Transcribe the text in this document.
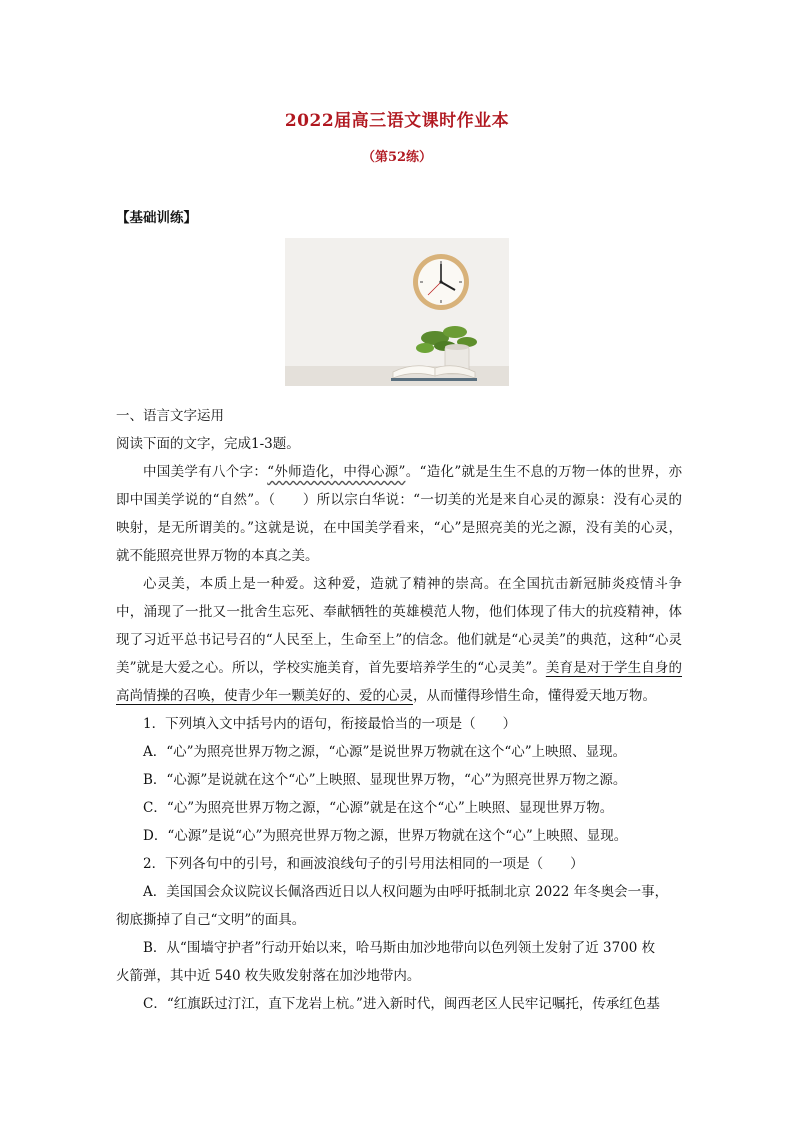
2022届高三语文课时作业本
（第52练）
【基础训练】

一、语言文字运用

阅读下面的文字，完成1-3题。

中国美学有八个字：“外师造化，中得心源”。“造化”就是生生不息的万物一体的世界，亦即中国美学说的“自然”。（　　）所以宗白华说：“一切美的光是来自心灵的源泉：没有心灵的映射，是无所谓美的。”这就是说，在中国美学看来，“心”是照亮美的光之源，没有美的心灵，就不能照亮世界万物的本真之美。

心灵美，本质上是一种爱。这种爱，造就了精神的崇高。在全国抗击新冠肺炎疫情斗争中，涌现了一批又一批舍生忘死、奉献牺牲的英雄模范人物，他们体现了伟大的抗疫精神，体现了习近平总书记号召的“人民至上，生命至上”的信念。他们就是“心灵美”的典范，这种“心灵美”就是大爱之心。所以，学校实施美育，首先要培养学生的“心灵美”。美育是对于学生自身的高尚情操的召唤，使青少年一颗美好的、爱的心灵，从而懂得珍惜生命，懂得爱天地万物。

1．下列填入文中括号内的语句，衔接最恰当的一项是（　　）

A．“心”为照亮世界万物之源，“心源”是说世界万物就在这个“心”上映照、显现。

B．“心源”是说就在这个“心”上映照、显现世界万物，“心”为照亮世界万物之源。

C．“心”为照亮世界万物之源，“心源”就是在这个“心”上映照、显现世界万物。

D．“心源”是说“心”为照亮世界万物之源，世界万物就在这个“心”上映照、显现。

2．下列各句中的引号，和画波浪线句子的引号用法相同的一项是（　　）

A．美国国会众议院议长佩洛西近日以人权问题为由呼吁抵制北京 2022 年冬奥会一事，

彻底撕掉了自己“文明”的面具。

B．从“围墙守护者”行动开始以来，哈马斯由加沙地带向以色列领土发射了近 3700 枚

火箭弹，其中近 540 枚失败发射落在加沙地带内。

C．“红旗跃过汀江，直下龙岩上杭。”进入新时代，闽西老区人民牢记嘱托，传承红色基
